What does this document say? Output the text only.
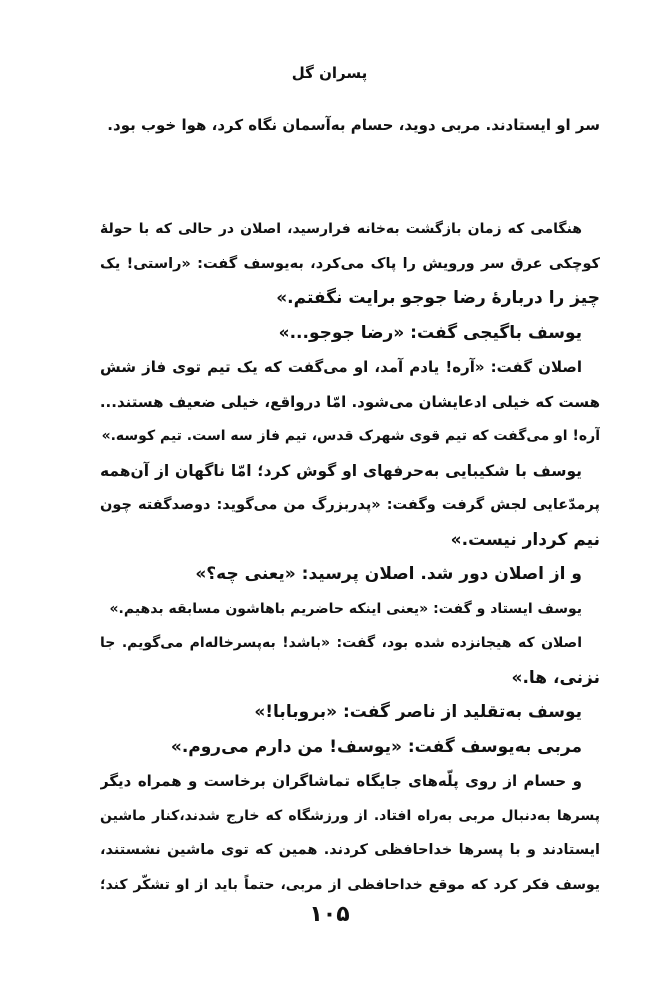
پسران گل
سر او ایستادند. مربی دوید، حسام به‌آسمان نگاه کرد، هوا خوب بود.
هنگامی که زمان بازگشت به‌خانه فرارسید، اصلان در حالی که با حولهٔ
کوچکی عرق سر ورویش را پاک می‌کرد، به‌یوسف گفت: «راستی! یک
چیز را دربارهٔ رضا جوجو برایت نگفتم.»
یوسف باگیجی گفت: «رضا جوجو...»
اصلان گفت: «آره! یادم آمد، او می‌گفت که یک تیم توی فاز شش
هست که خیلی ادعایشان می‌شود. امّا درواقع، خیلی ضعیف هستند...
آره! او می‌گفت که تیم قوی شهرک قدس، تیم فاز سه است. تیم کوسه.»
یوسف با شکیبایی به‌حرفهای او گوش کرد؛ امّا ناگهان از آن‌همه
پرمدّعایی لجش گرفت وگفت: «پدربزرگ من می‌گوید: دوصدگفته چون
نیم کردار نیست.»
و از اصلان دور شد. اصلان پرسید: «یعنی چه؟»
یوسف ایستاد و گفت: «یعنی اینکه حاضریم باهاشون مسابقه بدهیم.»
اصلان که هیجانزده شده بود، گفت: «باشد! به‌پسرخاله‌ام می‌گویم. جا
نزنی، ها.»
یوسف به‌تقلید از ناصر گفت: «بروبابا!»
مربی به‌یوسف گفت: «یوسف! من دارم می‌روم.»
و حسام از روی پلّه‌های جایگاه تماشاگران برخاست و همراه دیگر
پسرها به‌دنبال مربی به‌راه افتاد. از ورزشگاه که خارج شدند،کنار ماشین
ایستادند و با پسرها خداحافظی کردند. همین که توی ماشین نشستند،
یوسف فکر کرد که موقع خداحافظی از مربی، حتماً باید از او تشکّر کند؛
۱۰۵
